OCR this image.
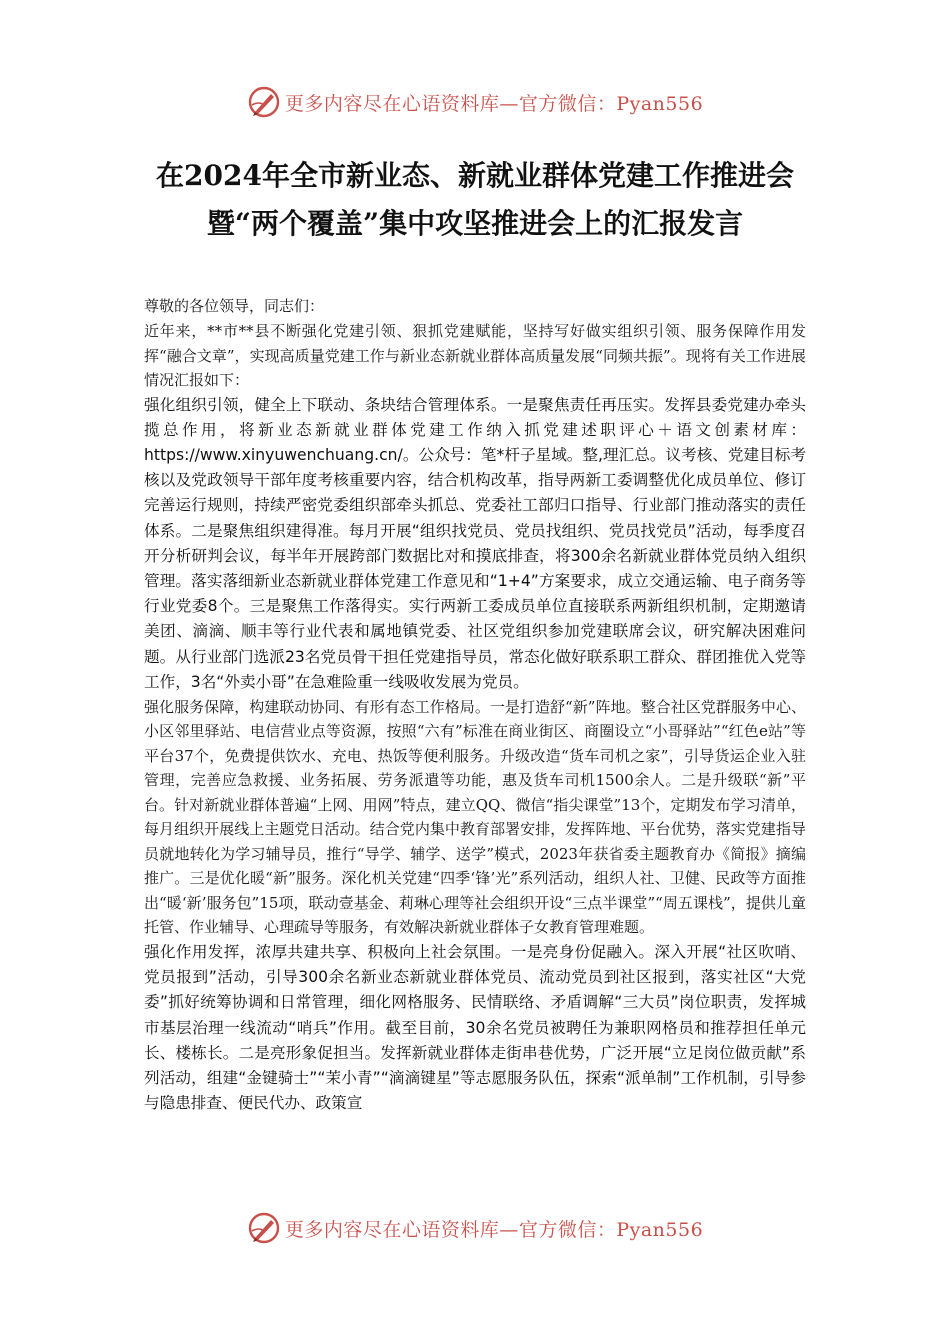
更多内容尽在心语资料库—官方微信：Pyan556
在2024年全市新业态、新就业群体党建工作推进会
暨“两个覆盖”集中攻坚推进会上的汇报发言

尊敬的各位领导，同志们：

近年来，**市**县不断强化党建引领、狠抓党建赋能，坚持写好做实组织引领、服务保障作用发挥“融合文章”，实现高质量党建工作与新业态新就业群体高质量发展“同频共振”。现将有关工作进展情况汇报如下：

强化组织引领，健全上下联动、条块结合管理体系。一是聚焦责任再压实。发挥县委党建办牵头揽总作用，将新业态新就业群体党建工作纳入抓党建述职评心＋语文创素材库：https://www.xinyuwenchuang.cn/。公众号：笔*杆子星域。整,理汇总。议考核、党建目标考核以及党政领导干部年度考核重要内容，结合机构改革，指导两新工委调整优化成员单位、修订完善运行规则，持续严密党委组织部牵头抓总、党委社工部归口指导、行业部门推动落实的责任体系。二是聚焦组织建得准。每月开展“组织找党员、党员找组织、党员找党员”活动，每季度召开分析研判会议，每半年开展跨部门数据比对和摸底排查，将300余名新就业群体党员纳入组织管理。落实落细新业态新就业群体党建工作意见和“1+4”方案要求，成立交通运输、电子商务等行业党委8个。三是聚焦工作落得实。实行两新工委成员单位直接联系两新组织机制，定期邀请美团、滴滴、顺丰等行业代表和属地镇党委、社区党组织参加党建联席会议，研究解决困难问题。从行业部门选派23名党员骨干担任党建指导员，常态化做好联系职工群众、群团推优入党等工作，3名“外卖小哥”在急难险重一线吸收发展为党员。

强化服务保障，构建联动协同、有形有态工作格局。一是打造舒“新”阵地。整合社区党群服务中心、小区邻里驿站、电信营业点等资源，按照“六有”标准在商业街区、商圈设立“小哥驿站”“红色e站”等平台37个，免费提供饮水、充电、热饭等便利服务。升级改造“货车司机之家”，引导货运企业入驻管理，完善应急救援、业务拓展、劳务派遣等功能，惠及货车司机1500余人。二是升级联“新”平台。针对新就业群体普遍“上网、用网”特点，建立QQ、微信“指尖课堂”13个，定期发布学习清单，每月组织开展线上主题党日活动。结合党内集中教育部署安排，发挥阵地、平台优势，落实党建指导员就地转化为学习辅导员，推行“导学、辅学、送学”模式，2023年获省委主题教育办《简报》摘编推广。三是优化暖“新”服务。深化机关党建“四季‘锋’光”系列活动，组织人社、卫健、民政等方面推出“暖‘新’服务包”15项，联动壹基金、莉琳心理等社会组织开设“三点半课堂”“周五课栈”，提供儿童托管、作业辅导、心理疏导等服务，有效解决新就业群体子女教育管理难题。

强化作用发挥，浓厚共建共享、积极向上社会氛围。一是亮身份促融入。深入开展“社区吹哨、党员报到”活动，引导300余名新业态新就业群体党员、流动党员到社区报到，落实社区“大党委”抓好统筹协调和日常管理，细化网格服务、民情联络、矛盾调解“三大员”岗位职责，发挥城市基层治理一线流动“哨兵”作用。截至目前，30余名党员被聘任为兼职网格员和推荐担任单元长、楼栋长。二是亮形象促担当。发挥新就业群体走街串巷优势，广泛开展“立足岗位做贡献”系列活动，组建“金键骑士”“茉小青”“滴滴键星”等志愿服务队伍，探索“派单制”工作机制，引导参与隐患排查、便民代办、政策宣

更多内容尽在心语资料库—官方微信：Pyan556
